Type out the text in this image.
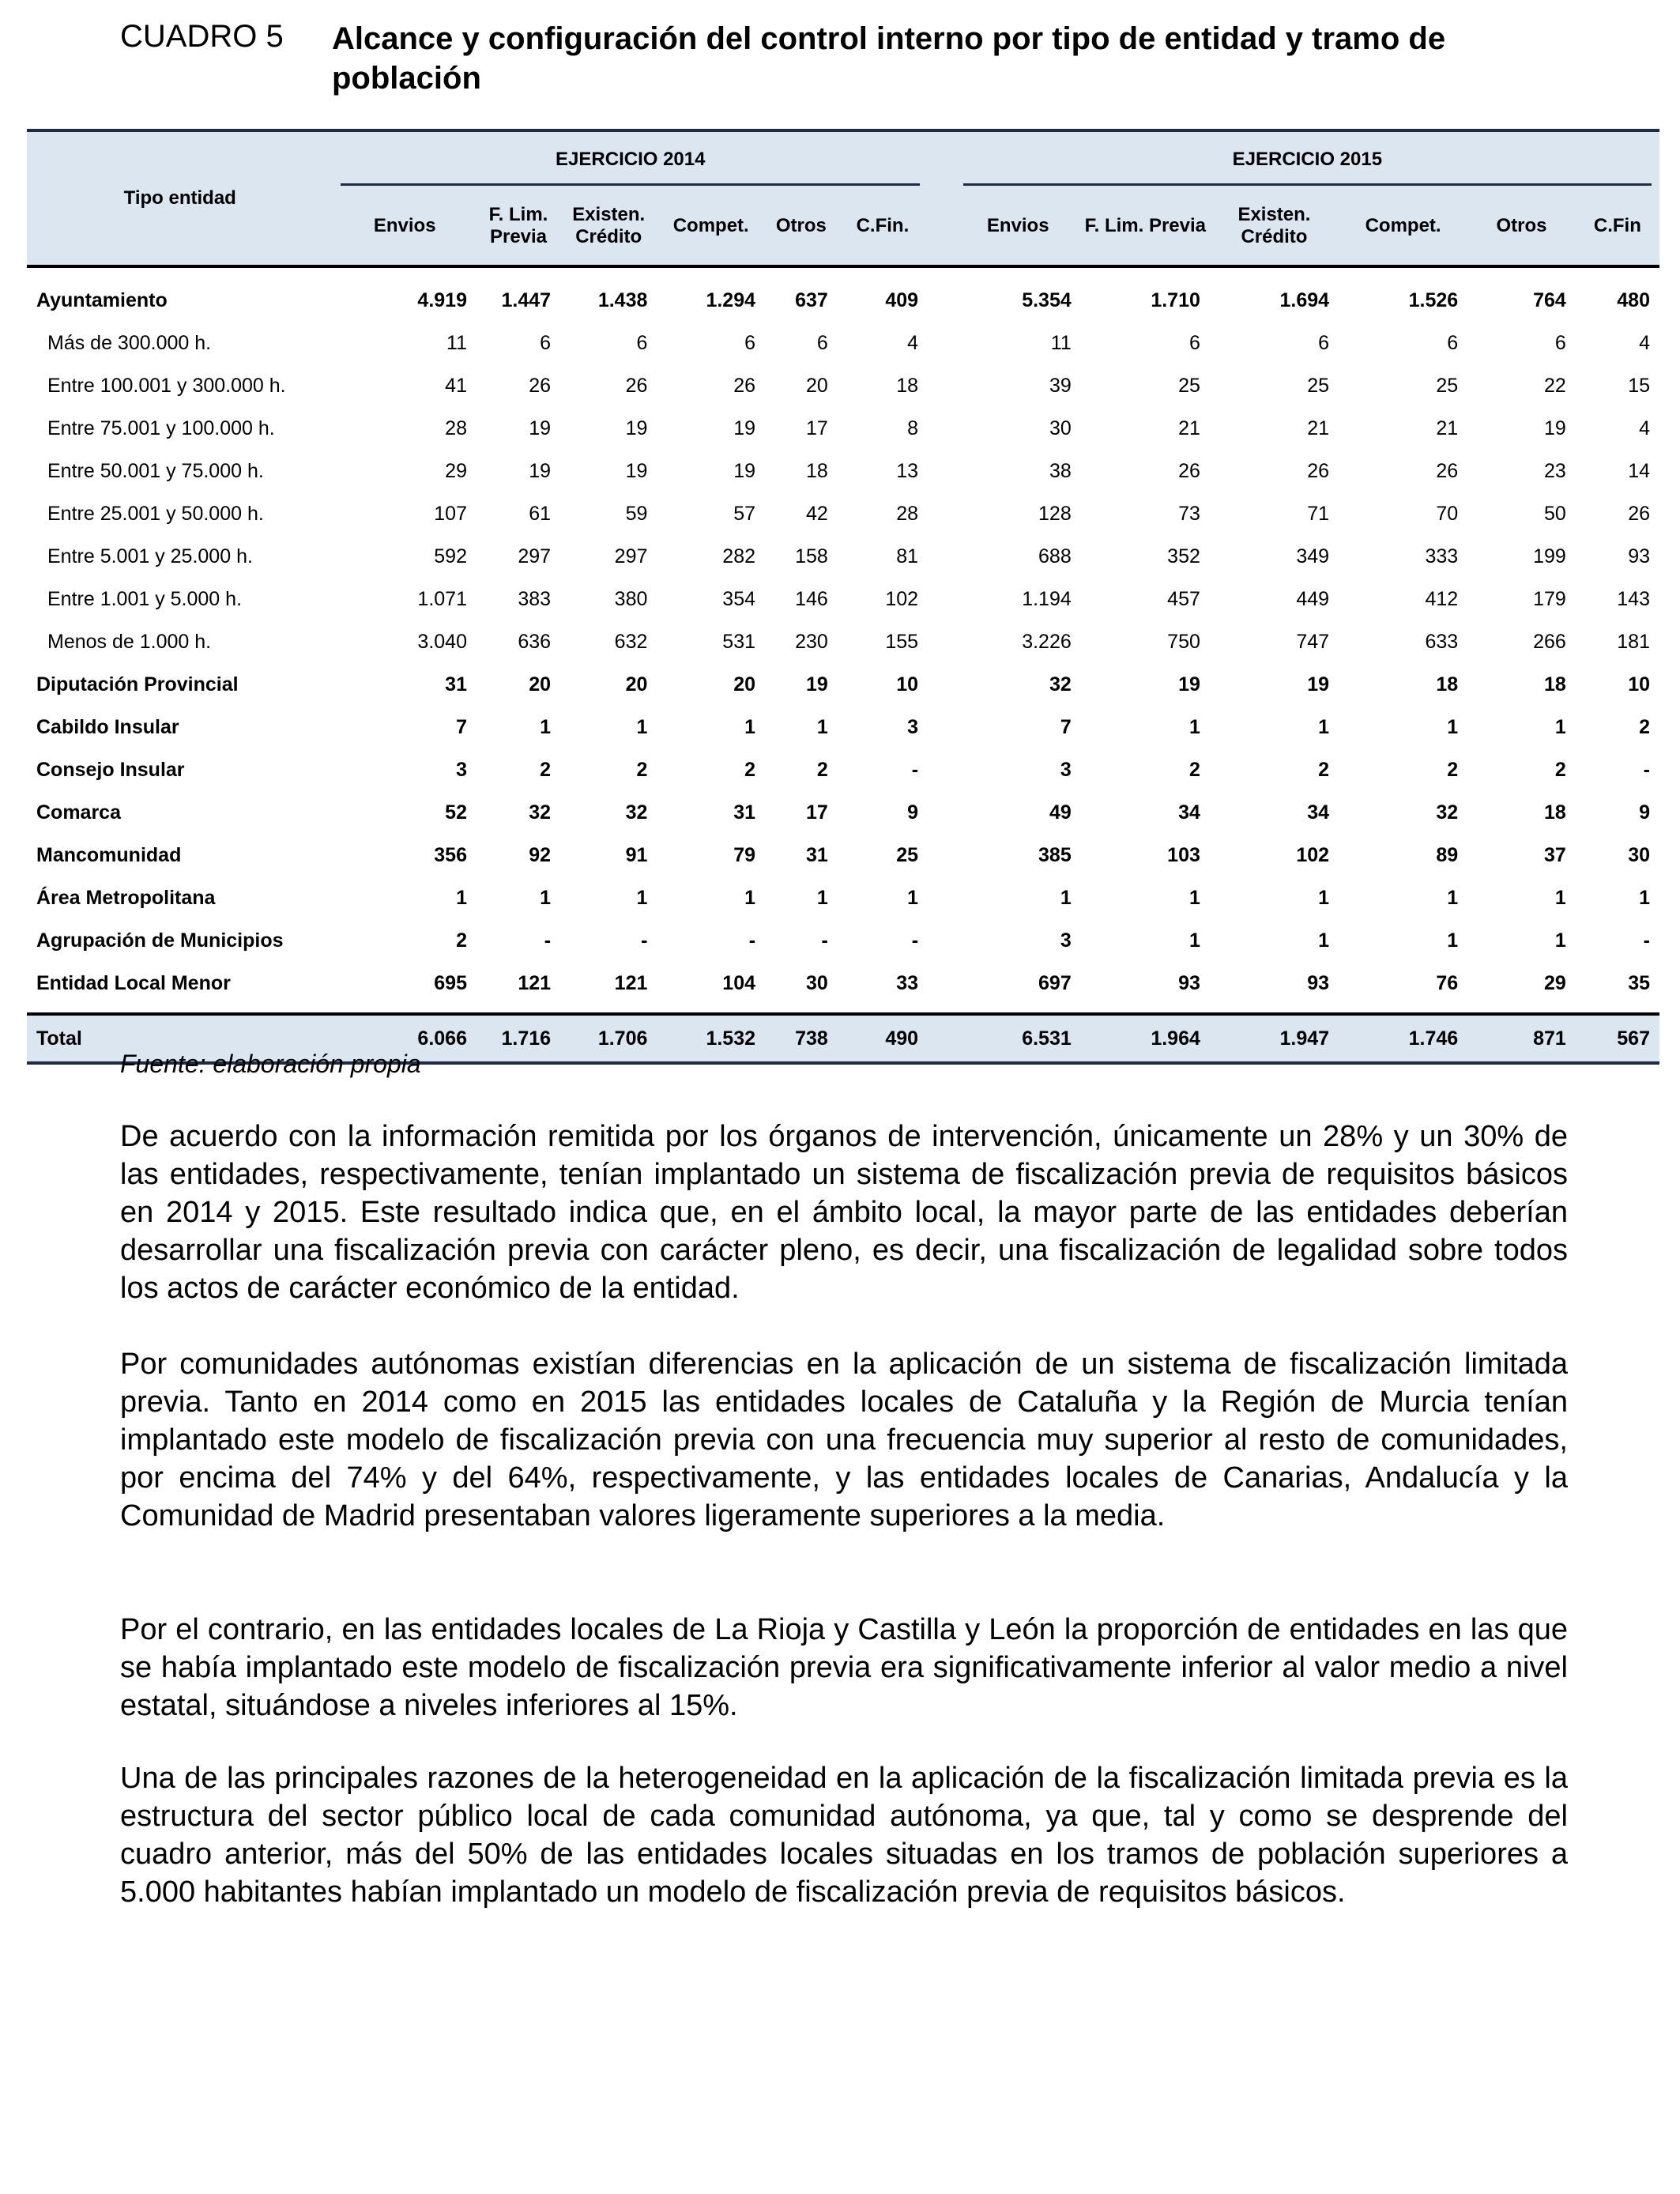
CUADRO 5 Alcance y configuración del control interno por tipo de entidad y tramo de población
Tipo entidad	EJERCICIO 2014							EJERCICIO 2015					

	Envios	F. Lim. Previa	Existen. Crédito	Compet.	Otros	C.Fin.		Envios	F. Lim. Previa	Existen. Crédito	Compet.	Otros	C.Fin
Ayuntamiento	4.919	1.447	1.438	1.294	637	409		5.354	1.710	1.694	1.526	764	480
Más de 300.000 h.	11	6	6	6	6	4		11	6	6	6	6	4
Entre 100.001 y 300.000 h.	41	26	26	26	20	18		39	25	25	25	22	15
Entre 75.001 y 100.000 h.	28	19	19	19	17	8		30	21	21	21	19	4
Entre 50.001 y 75.000 h.	29	19	19	19	18	13		38	26	26	26	23	14
Entre 25.001 y 50.000 h.	107	61	59	57	42	28		128	73	71	70	50	26
Entre 5.001 y 25.000 h.	592	297	297	282	158	81		688	352	349	333	199	93
Entre 1.001 y 5.000 h.	1.071	383	380	354	146	102		1.194	457	449	412	179	143
Menos de 1.000 h.	3.040	636	632	531	230	155		3.226	750	747	633	266	181
Diputación Provincial	31	20	20	20	19	10		32	19	19	18	18	10
Cabildo Insular	7	1	1	1	1	3		7	1	1	1	1	2
Consejo Insular	3	2	2	2	2	-		3	2	2	2	2	-
Comarca	52	32	32	31	17	9		49	34	34	32	18	9
Mancomunidad	356	92	91	79	31	25		385	103	102	89	37	30
Área Metropolitana	1	1	1	1	1	1		1	1	1	1	1	1
Agrupación de Municipios	2	-	-	-	-	-		3	1	1	1	1	-
Entidad Local Menor	695	121	121	104	30	33		697	93	93	76	29	35
Total	6.066	1.716	1.706	1.532	738	490		6.531	1.964	1.947	1.746	871	567
Fuente: elaboración propia

De acuerdo con la información remitida por los órganos de intervención, únicamente un 28% y un 30% de las entidades, respectivamente, tenían implantado un sistema de fiscalización previa de requisitos básicos en 2014 y 2015. Este resultado indica que, en el ámbito local, la mayor parte de las entidades deberían desarrollar una fiscalización previa con carácter pleno, es decir, una fiscalización de legalidad sobre todos los actos de carácter económico de la entidad.

Por comunidades autónomas existían diferencias en la aplicación de un sistema de fiscalización limitada previa. Tanto en 2014 como en 2015 las entidades locales de Cataluña y la Región de Murcia tenían implantado este modelo de fiscalización previa con una frecuencia muy superior al resto de comunidades, por encima del 74% y del 64%, respectivamente, y las entidades locales de Canarias, Andalucía y la Comunidad de Madrid presentaban valores ligeramente superiores a la media.

Por el contrario, en las entidades locales de La Rioja y Castilla y León la proporción de entidades en las que se había implantado este modelo de fiscalización previa era significativamente inferior al valor medio a nivel estatal, situándose a niveles inferiores al 15%.

Una de las principales razones de la heterogeneidad en la aplicación de la fiscalización limitada previa es la estructura del sector público local de cada comunidad autónoma, ya que, tal y como se desprende del cuadro anterior, más del 50% de las entidades locales situadas en los tramos de población superiores a 5.000 habitantes habían implantado un modelo de fiscalización previa de requisitos básicos.
